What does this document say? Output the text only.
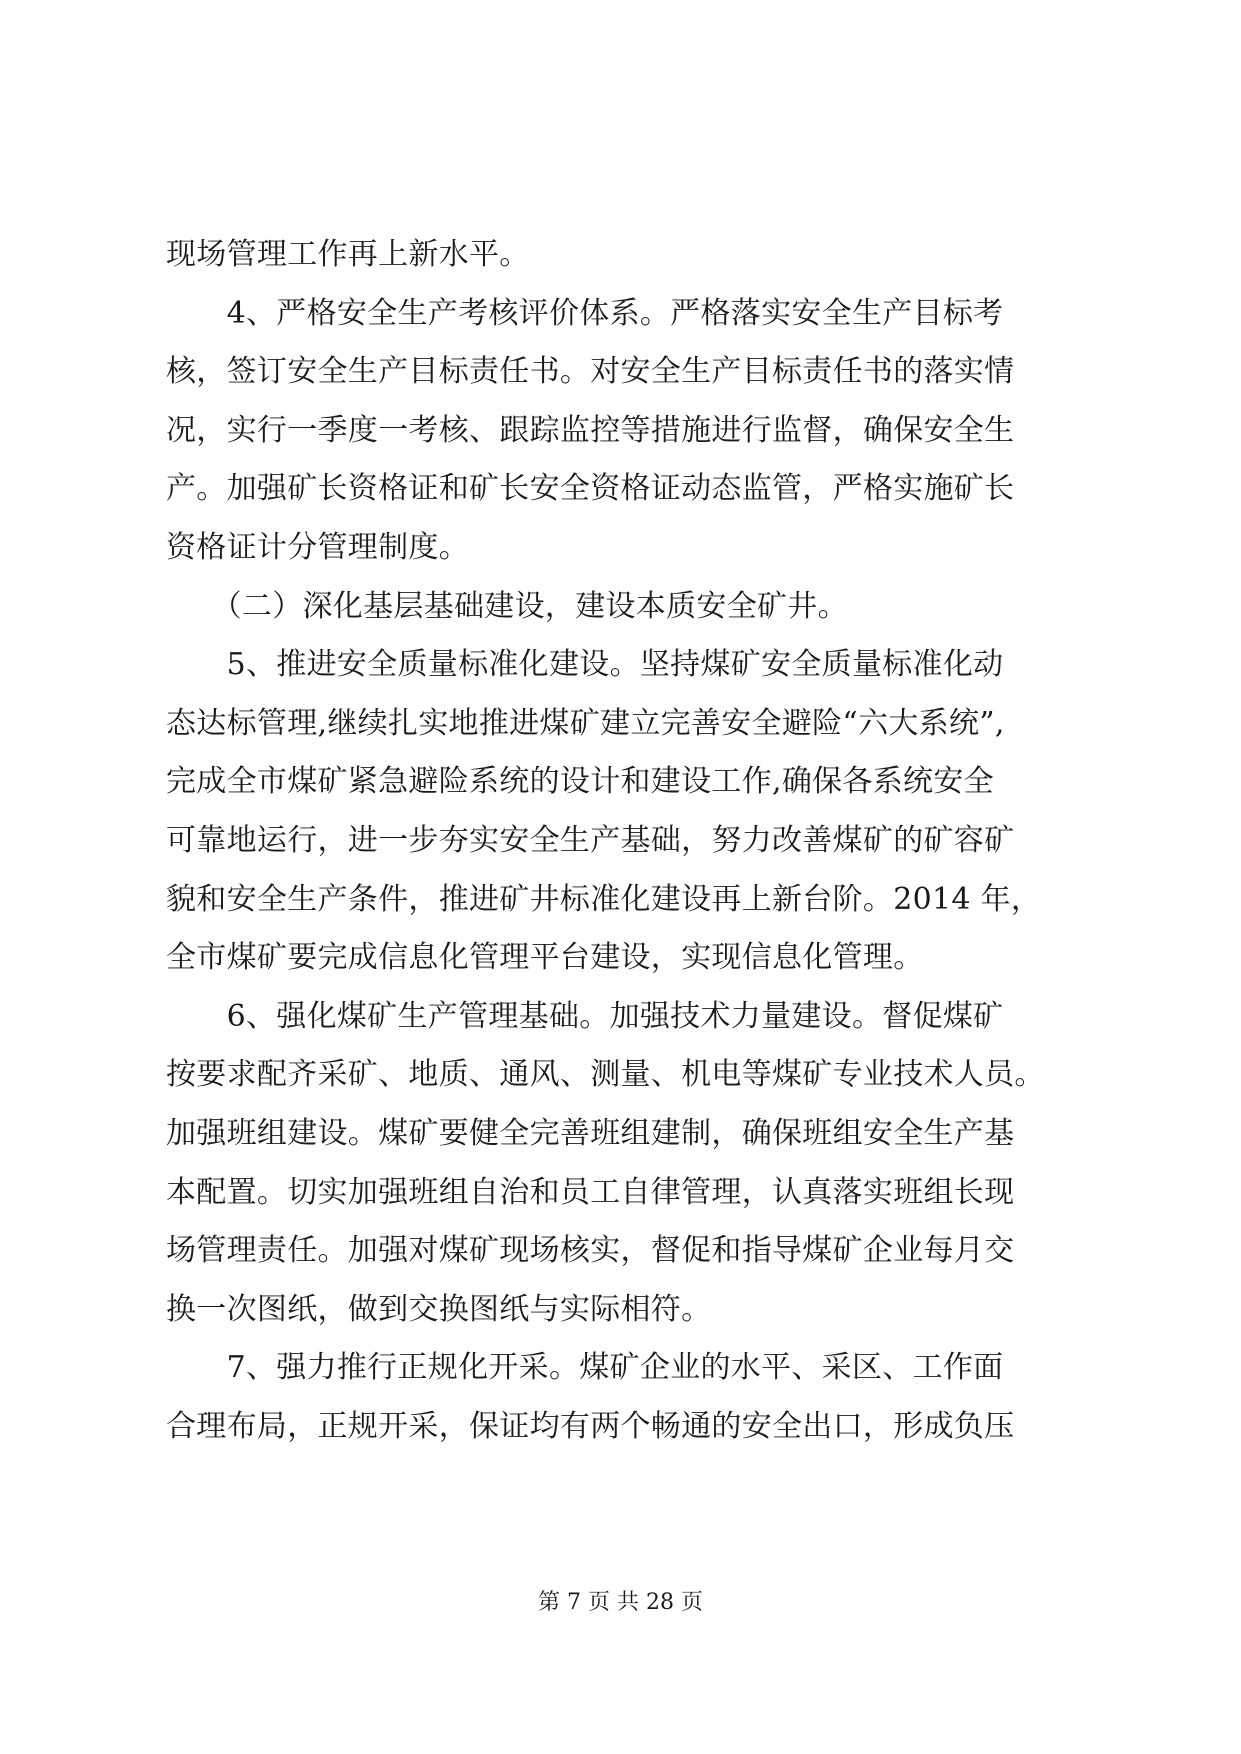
现场管理工作再上新水平。
　　4、严格安全生产考核评价体系。严格落实安全生产目标考
核，签订安全生产目标责任书。对安全生产目标责任书的落实情
况，实行一季度一考核、跟踪监控等措施进行监督，确保安全生
产。加强矿长资格证和矿长安全资格证动态监管，严格实施矿长
资格证计分管理制度。
　　（二）深化基层基础建设，建设本质安全矿井。
　　5、推进安全质量标准化建设。坚持煤矿安全质量标准化动
态达标管理,继续扎实地推进煤矿建立完善安全避险“六大系统”,
完成全市煤矿紧急避险系统的设计和建设工作,确保各系统安全
可靠地运行，进一步夯实安全生产基础，努力改善煤矿的矿容矿
貌和安全生产条件，推进矿井标准化建设再上新台阶。2014 年，
全市煤矿要完成信息化管理平台建设，实现信息化管理。
　　6、强化煤矿生产管理基础。加强技术力量建设。督促煤矿
按要求配齐采矿、地质、通风、测量、机电等煤矿专业技术人员。
加强班组建设。煤矿要健全完善班组建制，确保班组安全生产基
本配置。切实加强班组自治和员工自律管理，认真落实班组长现
场管理责任。加强对煤矿现场核实，督促和指导煤矿企业每月交
换一次图纸，做到交换图纸与实际相符。
　　7、强力推行正规化开采。煤矿企业的水平、采区、工作面
合理布局，正规开采，保证均有两个畅通的安全出口，形成负压
第 7 页 共 28 页
